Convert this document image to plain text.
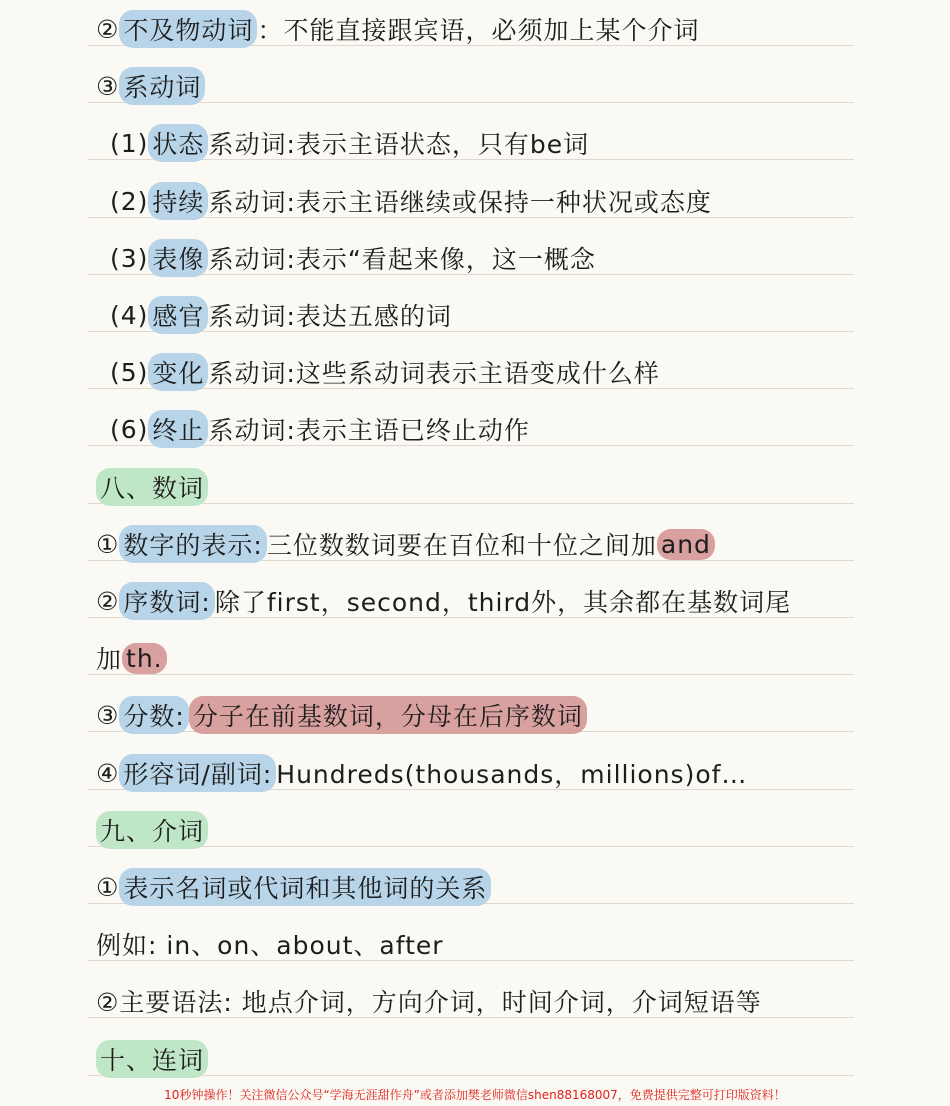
② 不及物动词 ：不能直接跟宾语，必须加上某个介词
③ 系动词
(1) 状态 系动词:表示主语状态，只有be词
(2) 持续 系动词:表示主语继续或保持一种状况或态度
(3) 表像 系动词:表示“看起来像，这一概念
(4) 感官 系动词:表达五感的词
(5) 变化 系动词:这些系动词表示主语变成什么样
(6) 终止 系动词:表示主语已终止动作
八、数词
① 数字的表示: 三位数数词要在百位和十位之间加 and
② 序数词: 除了first，second，third外，其余都在基数词尾
加 th.
③ 分数: 分子在前基数词，分母在后序数词
④ 形容词/副词: Hundreds(thousands，millions)of…
九、介词
① 表示名词或代词和其他词的关系
例如: in、on、about、after
②主要语法: 地点介词，方向介词，时间介词，介词短语等
十、连词
10秒钟操作！关注微信公众号“学海无涯甜作舟”或者添加樊老师微信shen88168007，免费提供完整可打印版资料！
